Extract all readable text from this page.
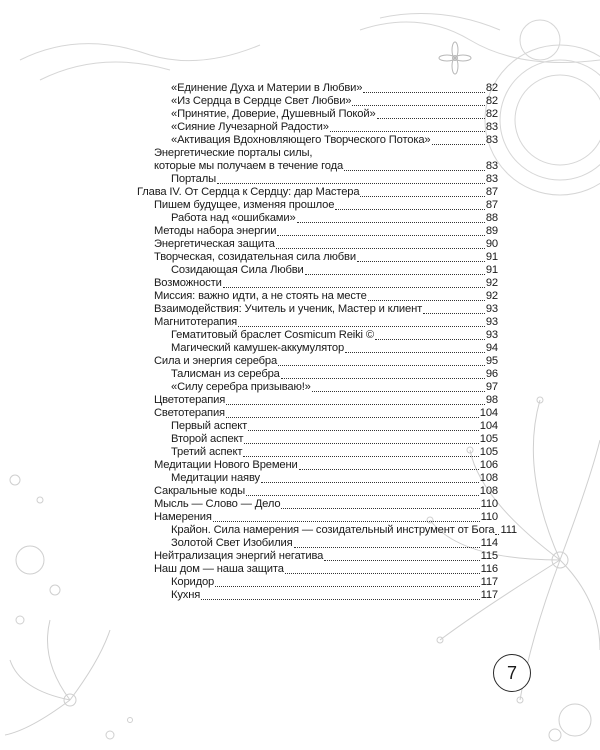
«Единение Духа и Материи в Любви»	82
«Из Сердца в Сердце Свет Любви»	82
«Принятие, Доверие, Душевный Покой»	82
«Сияние Лучезарной Радости»	83
«Активация Вдохновляющего Творческого Потока»	83
Энергетические порталы силы,
которые мы получаем в течение года	83
Порталы	83
Глава IV. От Сердца к Сердцу: дар Мастера	87
Пишем будущее, изменяя прошлое	87
Работа над «ошибками»	88
Методы набора энергии	89
Энергетическая защита	90
Творческая, созидательная сила любви	91
Созидающая Сила Любви	91
Возможности	92
Миссия: важно идти, а не стоять на месте	92
Взаимодействия: Учитель и ученик, Мастер и клиент	93
Магнитотерапия	93
Гематитовый браслет Cosmicum Reiki ©	93
Магический камушек-аккумулятор	94
Сила и энергия серебра	95
Талисман из серебра	96
«Силу серебра призываю!»	97
Цветотерапия	98
Светотерапия	104
Первый аспект	104
Второй аспект	105
Третий аспект	105
Медитации Нового Времени	106
Медитации наяву	108
Сакральные коды	108
Мысль — Слово — Дело	110
Намерения	110
Крайон. Сила намерения — созидательный инструмент от Бога 111
Золотой Свет Изобилия	114
Нейтрализация энергий негатива	115
Наш дом — наша защита	116
Коридор	117
Кухня	117
7
